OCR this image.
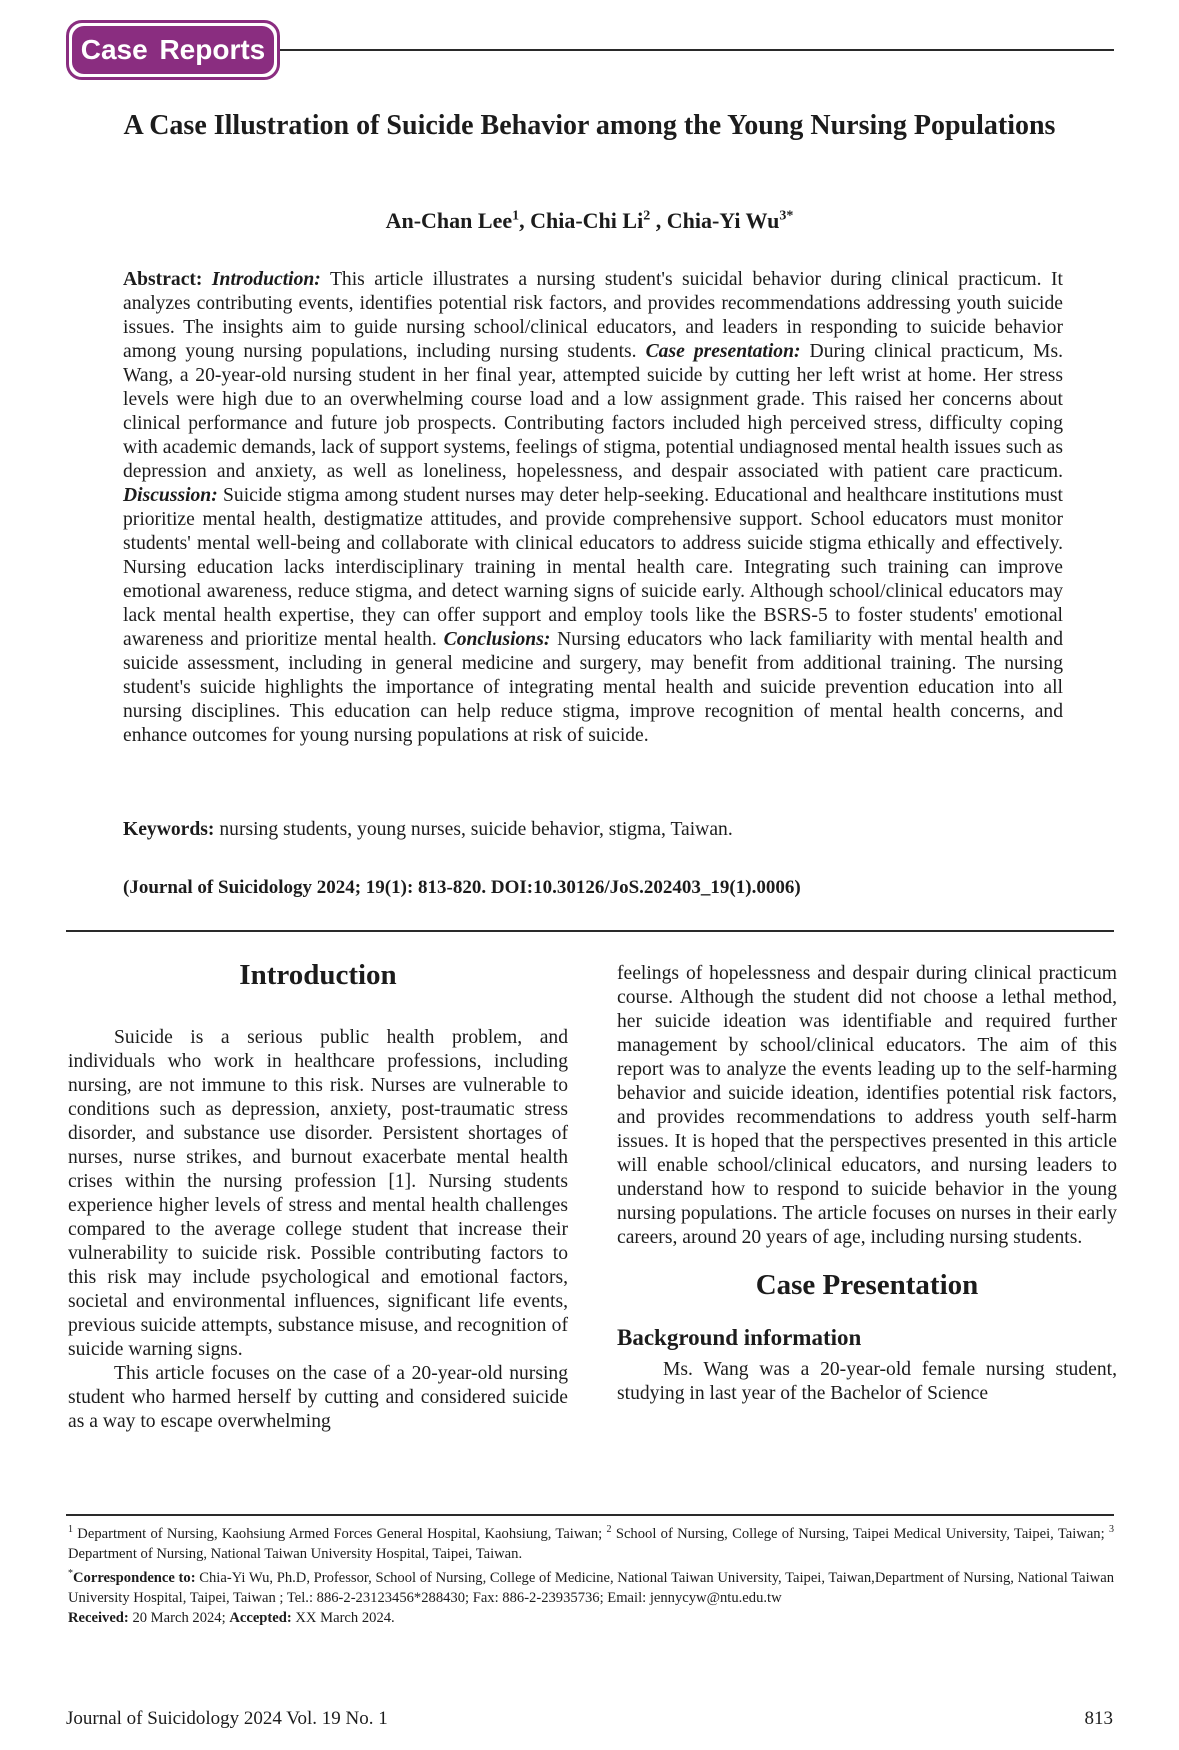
Case Reports
A Case Illustration of Suicide Behavior among the Young Nursing Populations

An-Chan Lee$^1$, Chia-Chi Li$^2$ , Chia-Yi $Wu^{3*}$

Abstract: Introduction: This article illustrates a nursing student's suicidal behavior during clinical practicum. It analyzes contributing events, identifies potential risk factors, and provides recommendations addressing youth suicide issues. The insights aim to guide nursing school/clinical educators, and leaders in responding to suicide behavior among young nursing populations, including nursing students. Case presentation: During clinical practicum, Ms. Wang, a 20-year-old nursing student in her final year, attempted suicide by cutting her left wrist at home. Her stress levels were high due to an overwhelming course load and a low assignment grade. This raised her concerns about clinical performance and future job prospects. Contributing factors included high perceived stress, difficulty coping with academic demands, lack of support systems, feelings of stigma, potential undiagnosed mental health issues such as depression and anxiety, as well as loneliness, hopelessness, and despair associated with patient care practicum. Discussion: Suicide stigma among student nurses may deter help-seeking. Educational and healthcare institutions must prioritize mental health, destigmatize attitudes, and provide comprehensive support. School educators must monitor students' mental well-being and collaborate with clinical educators to address suicide stigma ethically and effectively. Nursing education lacks interdisciplinary training in mental health care. Integrating such training can improve emotional awareness, reduce stigma, and detect warning signs of suicide early. Although school/clinical educators may lack mental health expertise, they can offer support and employ tools like the BSRS-5 to foster students' emotional awareness and prioritize mental health. Conclusions: Nursing educators who lack familiarity with mental health and suicide assessment, including in general medicine and surgery, may benefit from additional training. The nursing student's suicide highlights the importance of integrating mental health and suicide prevention education into all nursing disciplines. This education can help reduce stigma, improve recognition of mental health concerns, and enhance outcomes for young nursing populations at risk of suicide.

Keywords: nursing students, young nurses, suicide behavior, stigma, Taiwan.

(Journal of Suicidology 2024; 19(1): 813-820. DOI:10.30126/JoS.202403_19(1).0006)

Introduction

Suicide is a serious public health problem, and individuals who work in healthcare professions, including nursing, are not immune to this risk. Nurses are vulnerable to conditions such as depression, anxiety, post-traumatic stress disorder, and substance use disorder. Persistent shortages of nurses, nurse strikes, and burnout exacerbate mental health crises within the nursing profession [1]. Nursing students experience higher levels of stress and mental health challenges compared to the average college student that increase their vulnerability to suicide risk. Possible contributing factors to this risk may include psychological and emotional factors, societal and environmental influences, significant life events, previous suicide attempts, substance misuse, and recognition of suicide warning signs.

This article focuses on the case of a 20-year-old nursing student who harmed herself by cutting and considered suicide as a way to escape overwhelming

feelings of hopelessness and despair during clinical practicum course. Although the student did not choose a lethal method, her suicide ideation was identifiable and required further management by school/clinical educators. The aim of this report was to analyze the events leading up to the self-harming behavior and suicide ideation, identifies potential risk factors, and provides recommendations to address youth self-harm issues. It is hoped that the perspectives presented in this article will enable school/clinical educators, and nursing leaders to understand how to respond to suicide behavior in the young nursing populations. The article focuses on nurses in their early careers, around 20 years of age, including nursing students.

Case Presentation
Background information

Ms. Wang was a 20-year-old female nursing student, studying in last year of the Bachelor of Science

$^1$ Department of Nursing, Kaohsiung Armed Forces General Hospital, Kaohsiung, Taiwan; $^2$ School of Nursing, College of Nursing, Taipei Medical University, Taipei, Taiwan; $^3$ Department of Nursing, National Taiwan University Hospital, Taipei, Taiwan.

*Correspondence to: Chia-Yi Wu, Ph.D, Professor, School of Nursing, College of Medicine, National Taiwan University, Taipei, Taiwan,Department of Nursing, National Taiwan University Hospital, Taipei, Taiwan ; Tel.: 886-2-23123456*288430; Fax: 886-2-23935736; Email: jennycyw@ntu.edu.tw

Received: 20 March 2024; Accepted: XX March 2024.

Journal of Suicidology 2024 Vol. 19 No. 1	813
